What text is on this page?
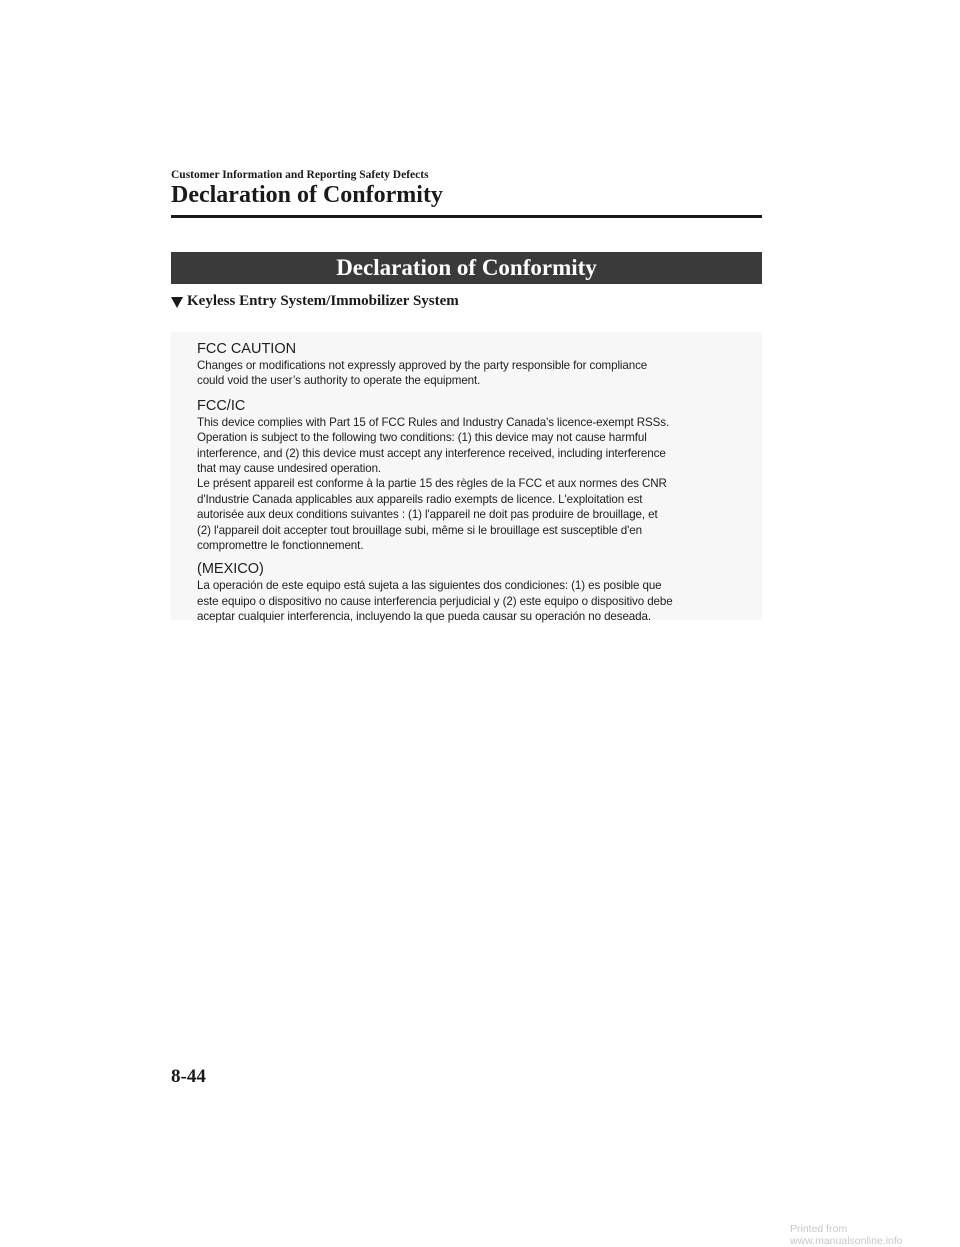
Customer Information and Reporting Safety Defects
Declaration of Conformity
Declaration of Conformity
Keyless Entry System/Immobilizer System
FCC CAUTION

Changes or modifications not expressly approved by the party responsible for compliance

could void the user’s authority to operate the equipment.

FCC/IC

This device complies with Part 15 of FCC Rules and Industry Canada's licence-exempt RSSs.

Operation is subject to the following two conditions: (1) this device may not cause harmful

interference, and (2) this device must accept any interference received, including interference

that may cause undesired operation.

Le présent appareil est conforme à la partie 15 des règles de la FCC et aux normes des CNR

d'Industrie Canada applicables aux appareils radio exempts de licence. L'exploitation est

autorisée aux deux conditions suivantes : (1) l'appareil ne doit pas produire de brouillage, et

(2) l'appareil doit accepter tout brouillage subi, même si le brouillage est susceptible d'en

compromettre le fonctionnement.

(MEXICO)

La operación de este equipo está sujeta a las siguientes dos condiciones: (1) es posible que

este equipo o dispositivo no cause interferencia perjudicial y (2) este equipo o dispositivo debe

aceptar cualquier interferencia, incluyendo la que pueda causar su operación no deseada.

8-44
Printed from www.manualsonline.info
